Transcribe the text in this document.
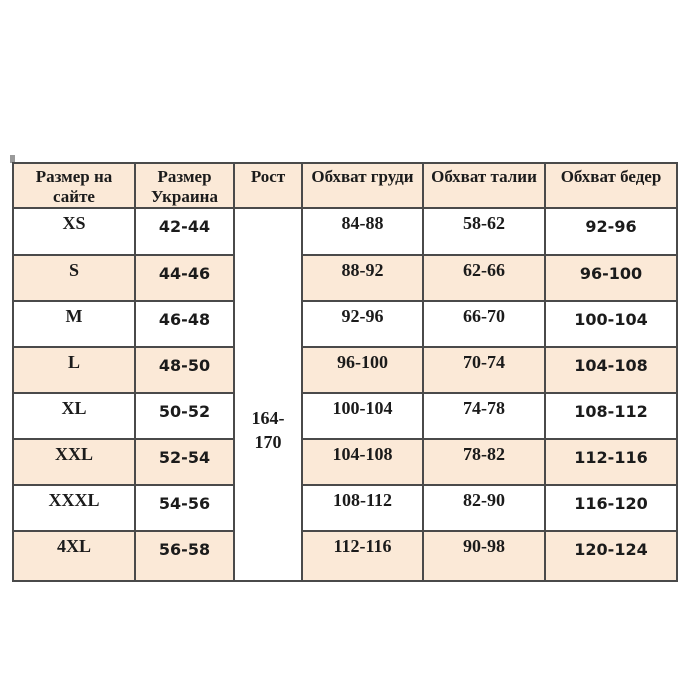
Размер на сайте	Размер Украина	Рост	Обхват груди	Обхват талии	Обхват бедер
XS	42-44	164-170	84-88	58-62	92-96
S	44-46		88-92	62-66	96-100
M	46-48		92-96	66-70	100-104
L	48-50		96-100	70-74	104-108
XL	50-52		100-104	74-78	108-112
XXL	52-54		104-108	78-82	112-116
XXXL	54-56		108-112	82-90	116-120
4XL	56-58		112-116	90-98	120-124
